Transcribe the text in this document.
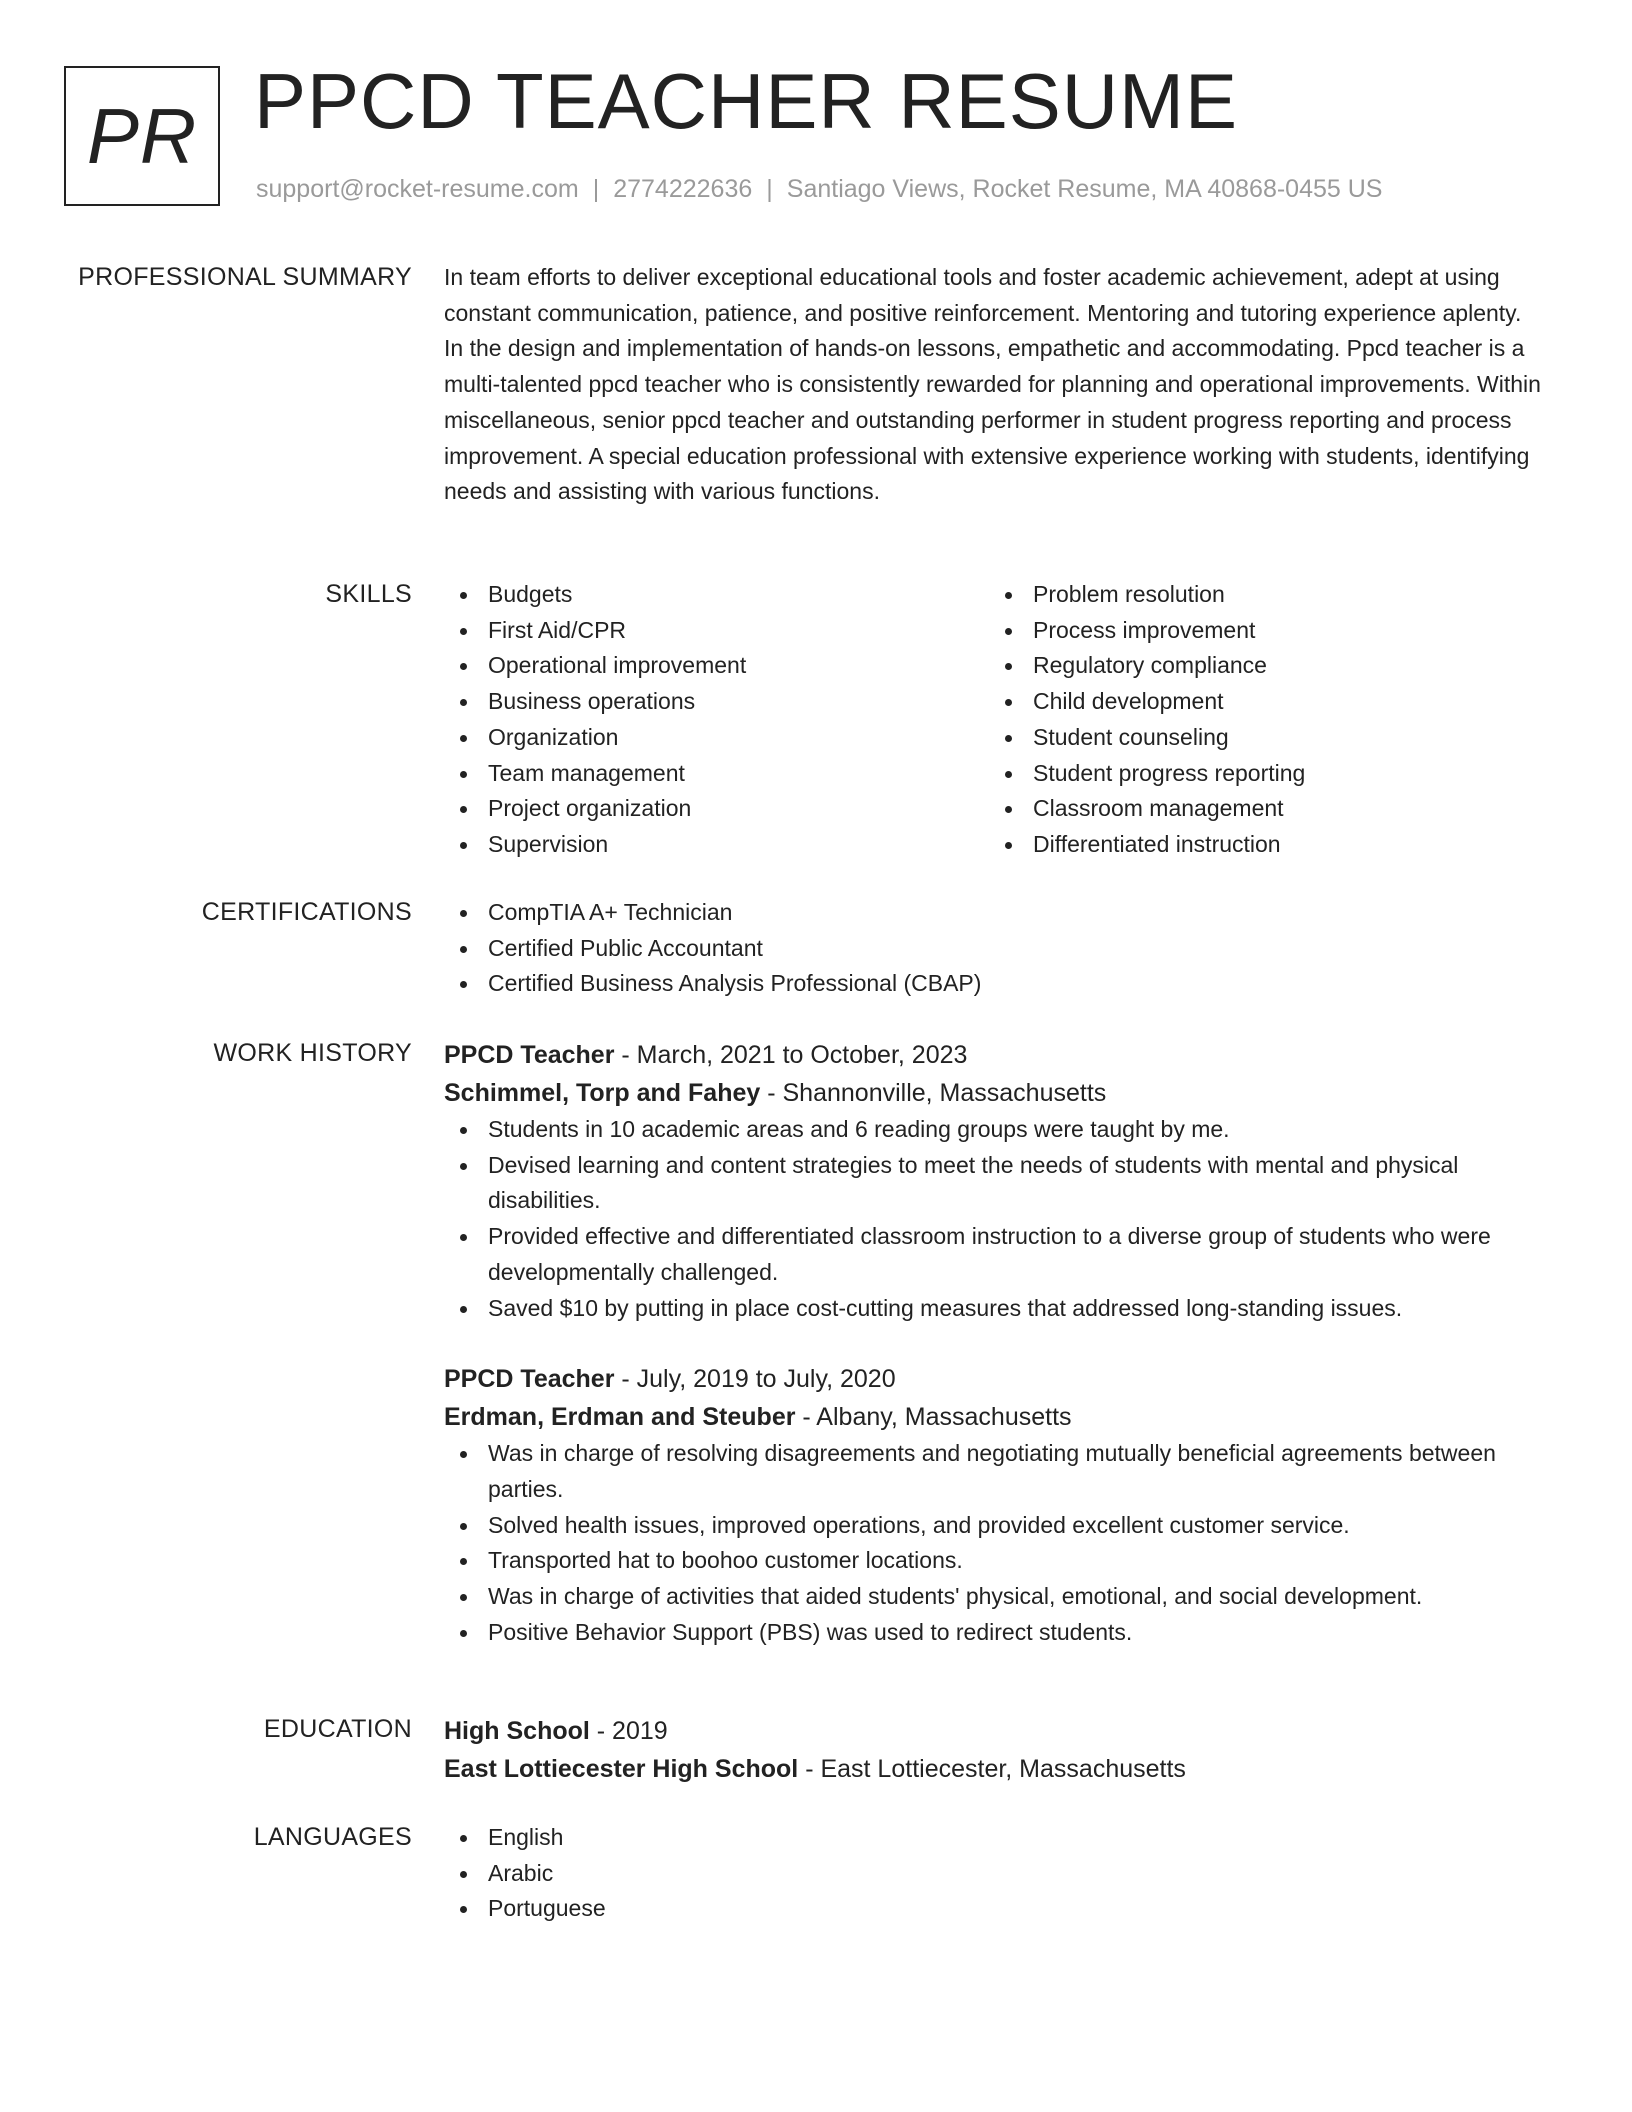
PR PPCD TEACHER RESUME
support@rocket-resume.com | 2774222636 | Santiago Views, Rocket Resume, MA 40868-0455 US
PROFESSIONAL SUMMARY In team efforts to deliver exceptional educational tools and foster academic achievement, adept at using constant communication, patience, and positive reinforcement. Mentoring and tutoring experience aplenty. In the design and implementation of hands-on lessons, empathetic and accommodating. Ppcd teacher is a multi-talented ppcd teacher who is consistently rewarded for planning and operational improvements. Within miscellaneous, senior ppcd teacher and outstanding performer in student progress reporting and process improvement. A special education professional with extensive experience working with students, identifying needs and assisting with various functions.

SKILLS	Budgets
First Aid/CPR
Operational improvement
Business operations
Organization
Team management
Project organization
Supervision
Problem resolution
Process improvement
Regulatory compliance
Child development
Student counseling
Student progress reporting
Classroom management
Differentiated instruction
CERTIFICATIONS	CompTIA A+ Technician
Certified Public Accountant
Certified Business Analysis Professional (CBAP)
WORK HISTORY PPCD Teacher - March, 2021 to October, 2023
Schimmel, Torp and Fahey - Shannonville, Massachusetts
Students in 10 academic areas and 6 reading groups were taught by me.
Devised learning and content strategies to meet the needs of students with mental and physical disabilities.
Provided effective and differentiated classroom instruction to a diverse group of students who were developmentally challenged.
Saved $10 by putting in place cost-cutting measures that addressed long-standing issues.
PPCD Teacher - July, 2019 to July, 2020
Erdman, Erdman and Steuber - Albany, Massachusetts
Was in charge of resolving disagreements and negotiating mutually beneficial agreements between parties.
Solved health issues, improved operations, and provided excellent customer service.
Transported hat to boohoo customer locations.
Was in charge of activities that aided students' physical, emotional, and social development.
Positive Behavior Support (PBS) was used to redirect students.
EDUCATION High School - 2019
East Lottiecester High School - East Lottiecester, Massachusetts
LANGUAGES	English
Arabic
Portuguese
